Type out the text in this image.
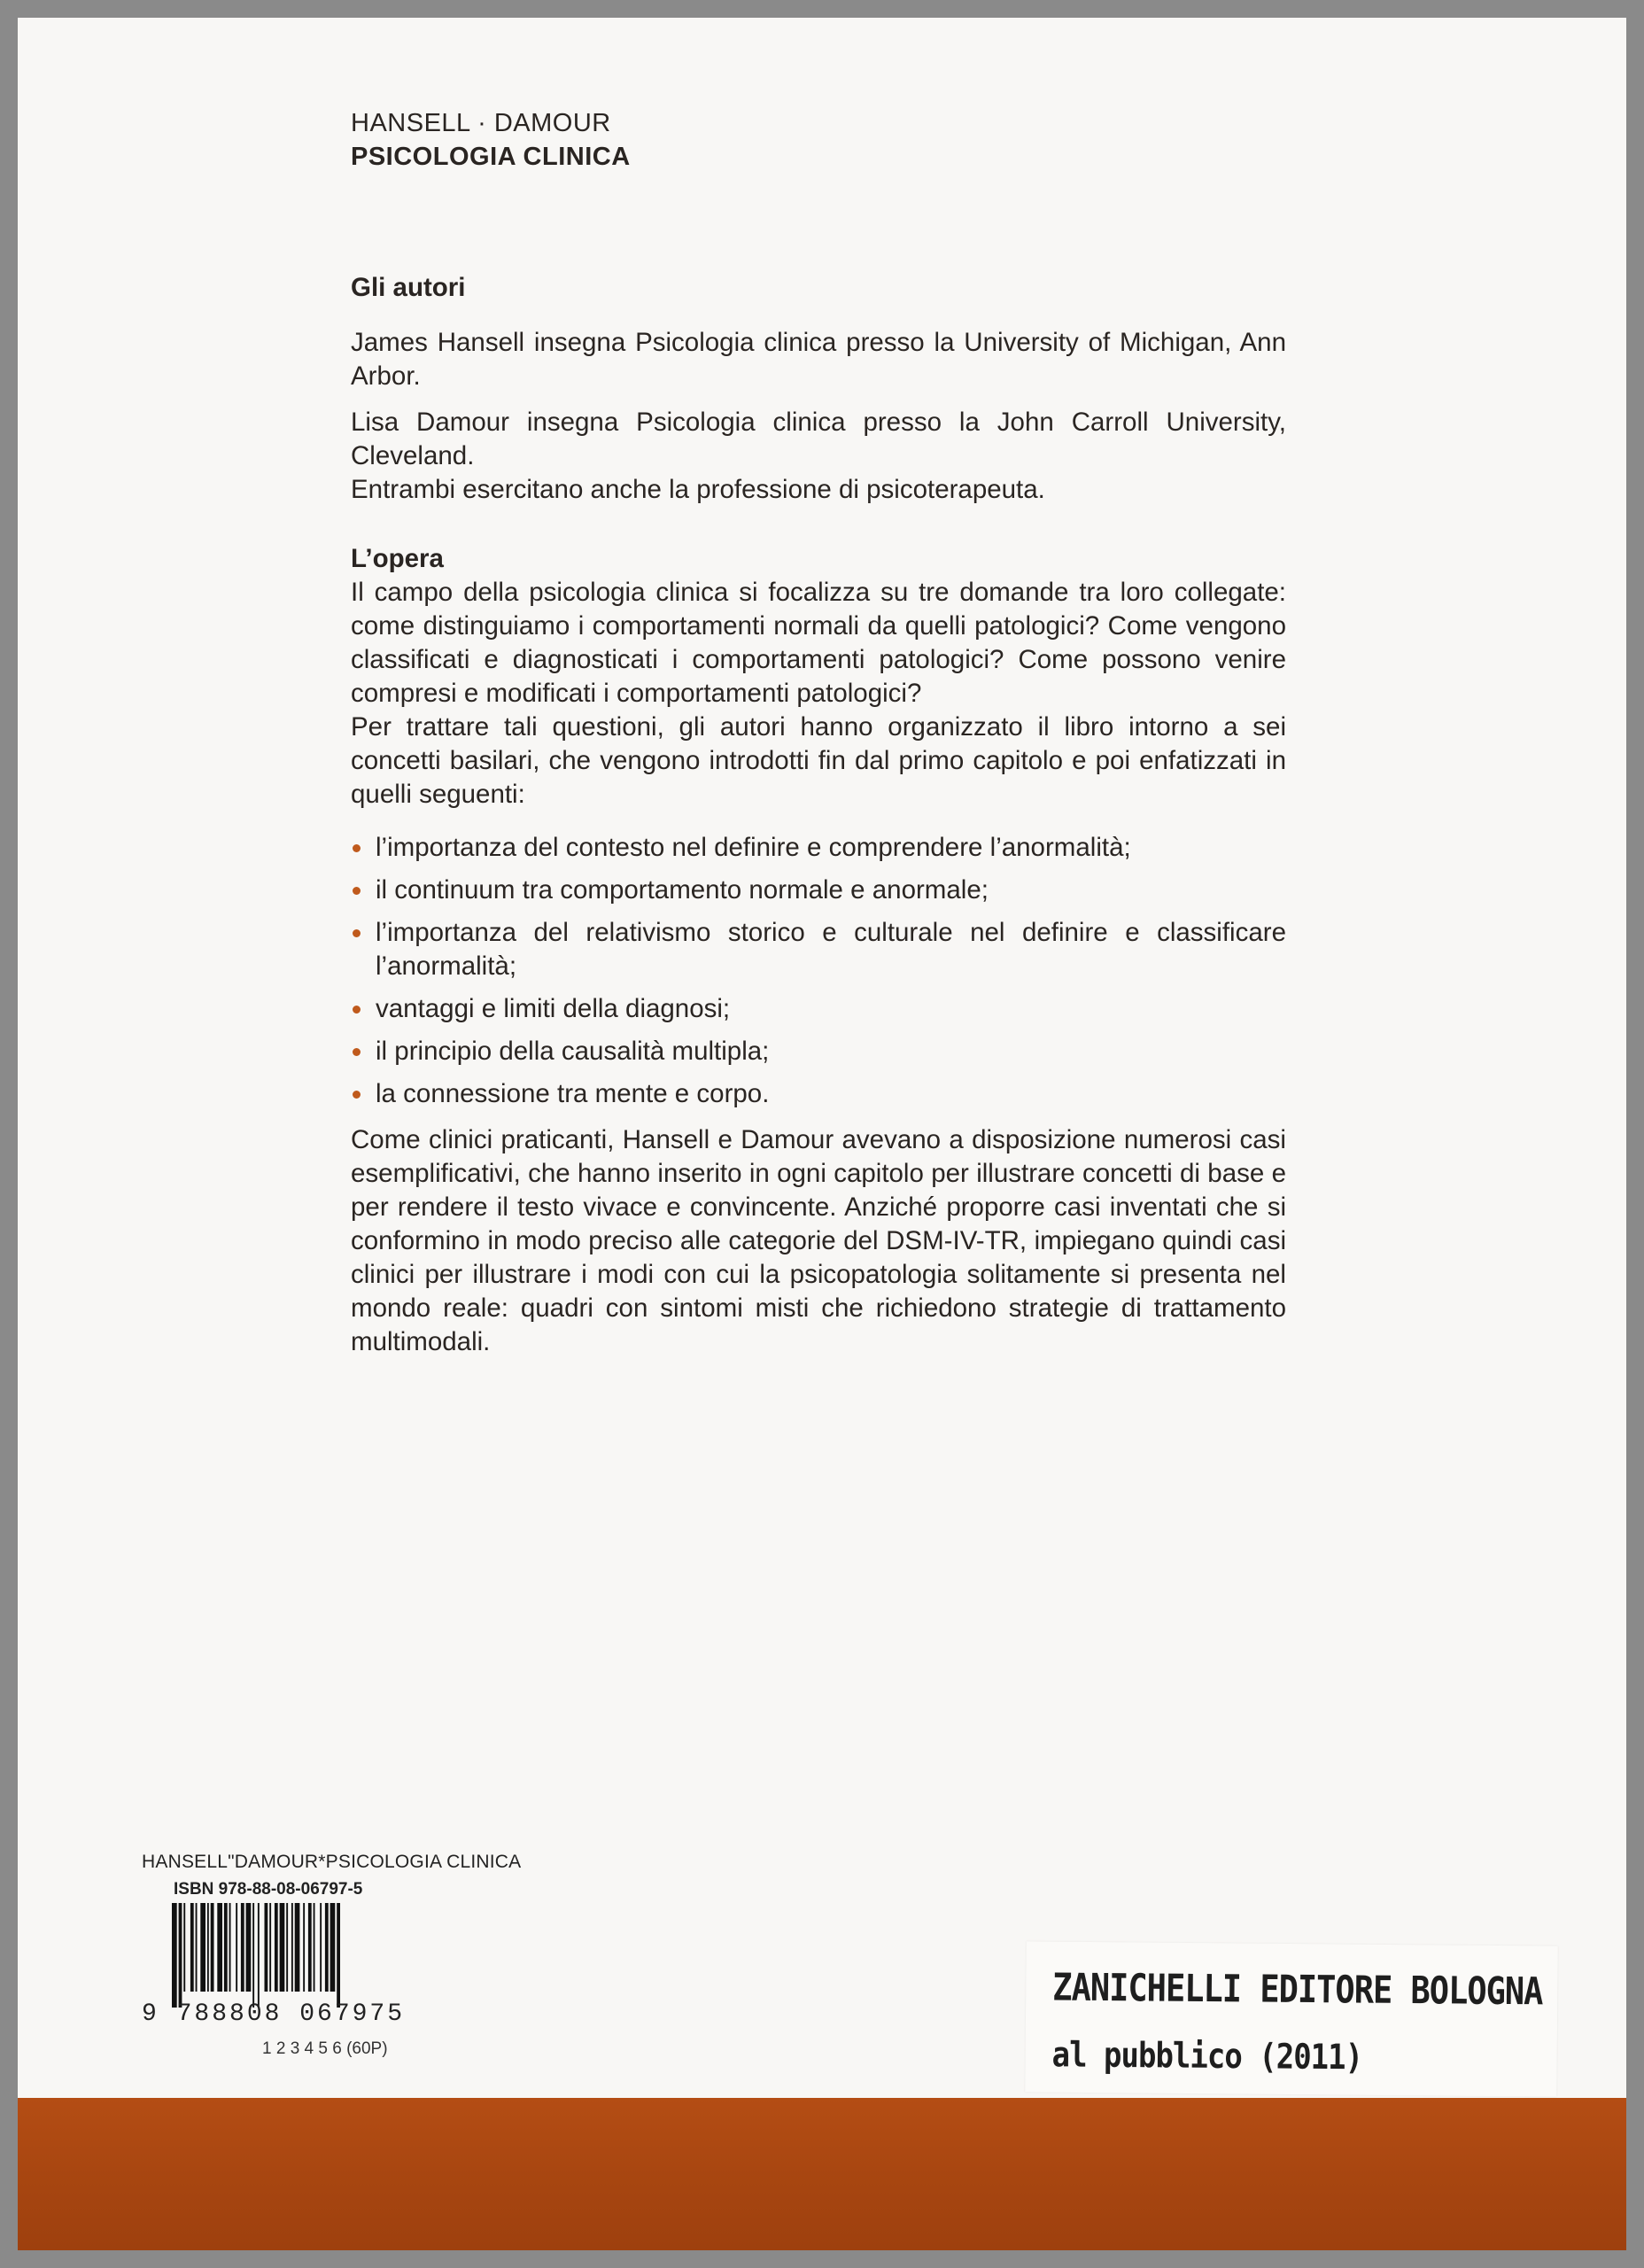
HANSELL · DAMOUR
PSICOLOGIA CLINICA
Gli autori

James Hansell insegna Psicologia clinica presso la University of Michigan, Ann Arbor.

Lisa Damour insegna Psicologia clinica presso la John Carroll University, Cleveland.

Entrambi esercitano anche la professione di psicoterapeuta.

L’opera

Il campo della psicologia clinica si focalizza su tre domande tra loro collegate: come distinguiamo i comportamenti normali da quelli patologici? Come vengono classificati e diagnosticati i comportamenti patologici? Come possono venire compresi e modificati i comportamenti patologici?

Per trattare tali questioni, gli autori hanno organizzato il libro intorno a sei concetti basilari, che vengono introdotti fin dal primo capitolo e poi enfatizzati in quelli seguenti:

l’importanza del contesto nel definire e comprendere l’anormalità;
il continuum tra comportamento normale e anormale;
l’importanza del relativismo storico e culturale nel definire e classificare l’anormalità;
vantaggi e limiti della diagnosi;
il principio della causalità multipla;
la connessione tra mente e corpo.

Come clinici praticanti, Hansell e Damour avevano a disposizione numerosi casi esemplificativi, che hanno inserito in ogni capitolo per illustrare concetti di base e per rendere il testo vivace e convincente. Anziché proporre casi inventati che si conformino in modo preciso alle categorie del DSM-IV-TR, impiegano quindi casi clinici per illustrare i modi con cui la psicopatologia solitamente si presenta nel mondo reale: quadri con sintomi misti che richiedono strategie di trattamento multimodali.

HANSELL"DAMOUR*PSICOLOGIA CLINICA
ISBN 978-88-08-06797-5
9 788808 067975
1 2 3 4 5 6 (60P)
ZANICHELLI EDITORE BOLOGNA
al pubblico (2011)
